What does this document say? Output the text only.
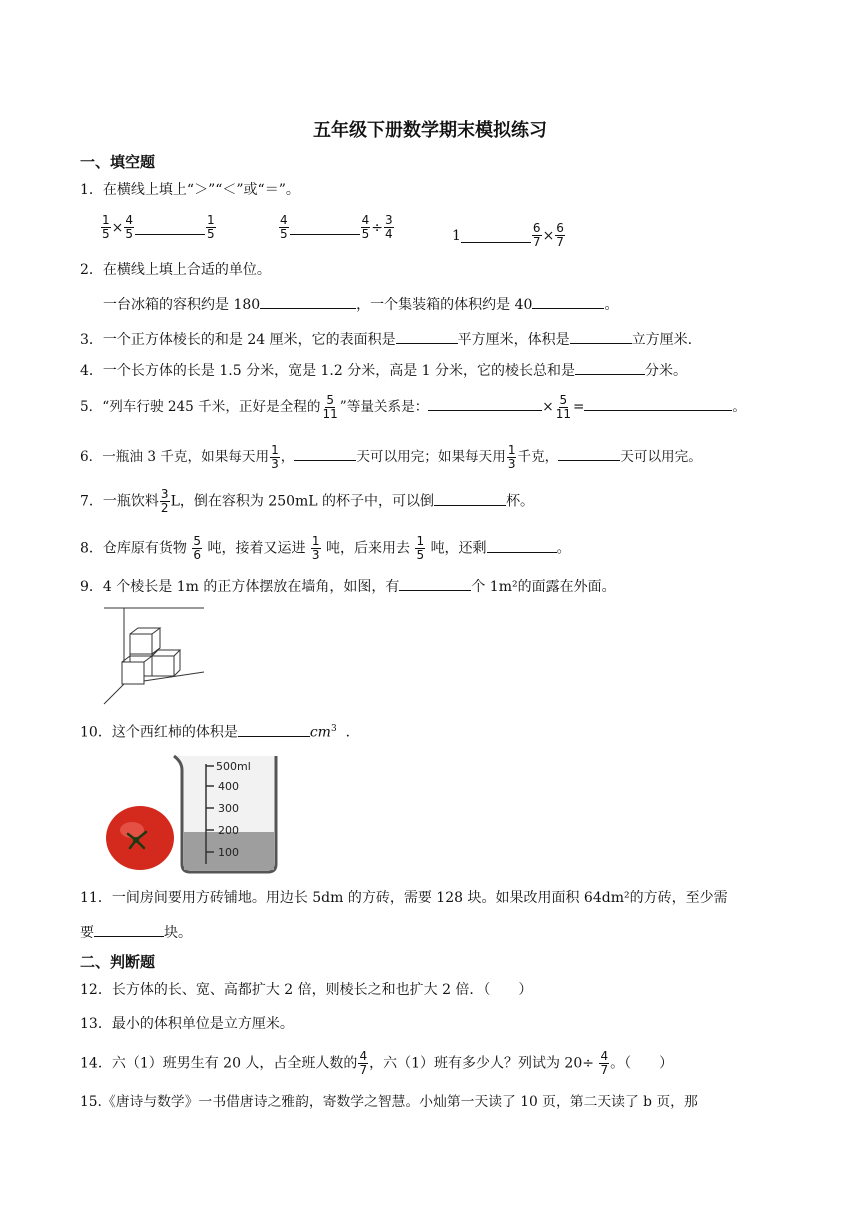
五年级下册数学期末模拟练习
一、填空题
1．在横线上填上“＞”“＜”或“＝”。
$\frac{1}{5} \times \frac{4}{5}$	$\frac{1}{5}$	$\frac{4}{5}$	$\frac{4}{5} \div \frac{3}{4}$	1	$\frac{6}{7} \times \frac{6}{7}$
2．在横线上填上合适的单位。
一台冰箱的容积约是 180	，一个集装箱的体积约是 40	。
3．一个正方体棱长的和是 24 厘米，它的表面积是	平方厘米，体积是	立方厘米.
4．一个长方体的长是 1.5 分米，宽是 1.2 分米，高是 1 分米，它的棱长总和是	分米。
5．“列车行驶 245 千米，正好是全程的 $\frac{5}{11}$ ”等量关系是：	× $\frac{5}{11}$ =	。
6．一瓶油 3 千克，如果每天用 $\frac{1}{3}$ ，	天可以用完；如果每天用 $\frac{1}{3}$ 千克，	天可以用完。
7．一瓶饮料 $\frac{3}{2}$ L，倒在容积为 250mL 的杯子中，可以倒	杯。
8．仓库原有货物 $\frac{5}{6}$ 吨，接着又运进 $\frac{1}{3}$ 吨，后来用去 $\frac{1}{5}$ 吨，还剩	。
9．4 个棱长是 1m 的正方体摆放在墙角，如图，有	个 1m²的面露在外面。
10．这个西红柿的体积是	$cm^3$ ．
500ml
400
300
200
100
11．一间房间要用方砖铺地。用边长 5dm 的方砖，需要 128 块。如果改用面积 64dm²的方砖，至少需
要	块。
二、判断题
12．长方体的长、宽、高都扩大 2 倍，则棱长之和也扩大 2 倍．（　　）
13．最小的体积单位是立方厘米。
14．六（1）班男生有 20 人，占全班人数的 $\frac{4}{7}$ ，六（1）班有多少人？列试为 $20\div \frac{4}{7}$ 。（　　）
15.《唐诗与数学》一书借唐诗之雅韵，寄数学之智慧。小灿第一天读了 10 页，第二天读了 b 页，那
